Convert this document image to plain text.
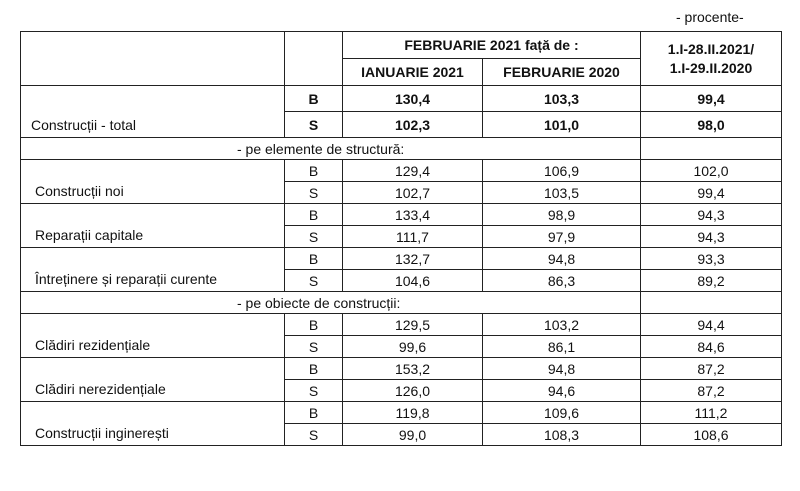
- procente-
		FEBRUARIE 2021 față de :		1.I-28.II.2021/
1.I-29.II.2020
		IANUARIE 2021	FEBRUARIE 2020	
Construcții - total	B	130,4	103,3	99,4
	S	102,3	101,0	98,0
- pe elemente de structură:				
Construcții noi	B	129,4	106,9	102,0
	S	102,7	103,5	99,4
Reparații capitale	B	133,4	98,9	94,3
	S	111,7	97,9	94,3
Întreținere și reparații curente	B	132,7	94,8	93,3
	S	104,6	86,3	89,2
- pe obiecte de construcții:				
Clădiri rezidențiale	B	129,5	103,2	94,4
	S	99,6	86,1	84,6
Clădiri nerezidențiale	B	153,2	94,8	87,2
	S	126,0	94,6	87,2
Construcții inginerești	B	119,8	109,6	111,2
	S	99,0	108,3	108,6
